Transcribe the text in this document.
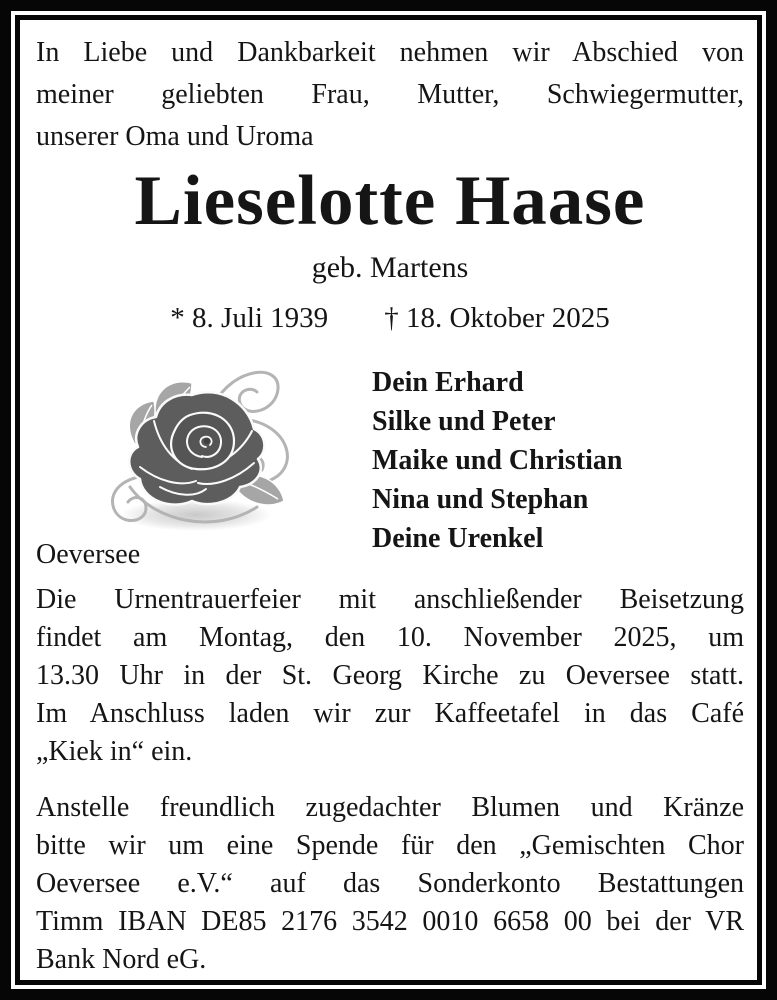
In Liebe und Dankbarkeit nehmen wir Abschied von
meiner geliebten Frau, Mutter, Schwiegermutter,
unserer Oma und Uroma
Lieselotte Haase
geb. Martens
* 8. Juli 1939 † 18. Oktober 2025
Dein Erhard
Silke und Peter
Maike und Christian
Nina und Stephan
Deine Urenkel
Oeversee
Die Urnentrauerfeier mit anschließender Beisetzung
findet am Montag, den 10. November 2025, um
13.30 Uhr in der St. Georg Kirche zu Oeversee statt.
Im Anschluss laden wir zur Kaffeetafel in das Café
„Kiek in“ ein.
Anstelle freundlich zugedachter Blumen und Kränze
bitte wir um eine Spende für den „Gemischten Chor
Oeversee e.V.“ auf das Sonderkonto Bestattungen
Timm IBAN DE85 2176 3542 0010 6658 00 bei der VR
Bank Nord eG.
